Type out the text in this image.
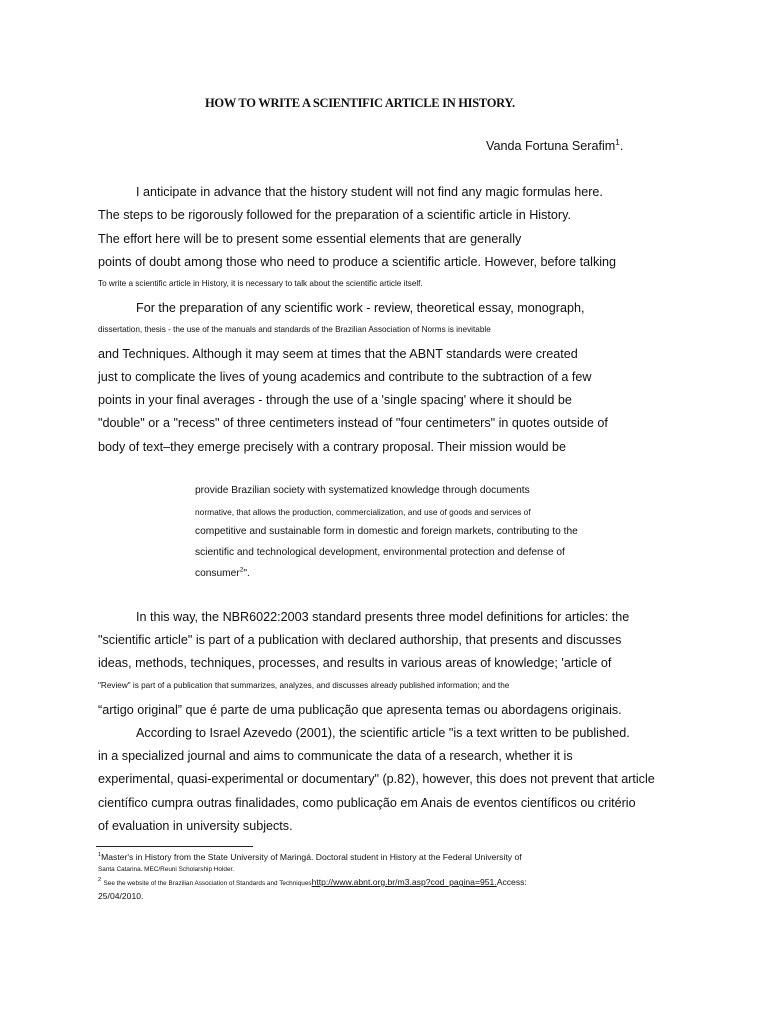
HOW TO WRITE A SCIENTIFIC ARTICLE IN HISTORY.
Vanda Fortuna Serafim$^1$.
I anticipate in advance that the history student will not find any magic formulas here.
The steps to be rigorously followed for the preparation of a scientific article in History.
The effort here will be to present some essential elements that are generally
points of doubt among those who need to produce a scientific article. However, before talking
To write a scientific article in History, it is necessary to talk about the scientific article itself.
For the preparation of any scientific work - review, theoretical essay, monograph,
dissertation, thesis - the use of the manuals and standards of the Brazilian Association of Norms is inevitable
and Techniques. Although it may seem at times that the ABNT standards were created
just to complicate the lives of young academics and contribute to the subtraction of a few
points in your final averages - through the use of a 'single spacing' where it should be
"double" or a "recess" of three centimeters instead of "four centimeters" in quotes outside of
body of text–they emerge precisely with a contrary proposal. Their mission would be
provide Brazilian society with systematized knowledge through documents
normative, that allows the production, commercialization, and use of goods and services of
competitive and sustainable form in domestic and foreign markets, contributing to the
scientific and technological development, environmental protection and defense of
consumer$^2$".
In this way, the NBR6022:2003 standard presents three model definitions for articles: the
"scientific article" is part of a publication with declared authorship, that presents and discusses
ideas, methods, techniques, processes, and results in various areas of knowledge; 'article of
"Review" is part of a publication that summarizes, analyzes, and discusses already published information; and the
“artigo original” que é parte de uma publicação que apresenta temas ou abordagens originais.
According to Israel Azevedo (2001), the scientific article "is a text written to be published.
in a specialized journal and aims to communicate the data of a research, whether it is
experimental, quasi-experimental or documentary" (p.82), however, this does not prevent that article
científico cumpra outras finalidades, como publicação em Anais de eventos científicos ou critério
of evaluation in university subjects.
$^1$Master's in History from the State University of Maringá. Doctoral student in History at the Federal University of
Santa Catarina. MEC/Reuni Scholarship Holder.
$^2$ See the website of the Brazilian Association of Standards and Techniqueshttp://www.abnt.org.br/m3.asp?cod_pagina=951.Access:
25/04/2010.
